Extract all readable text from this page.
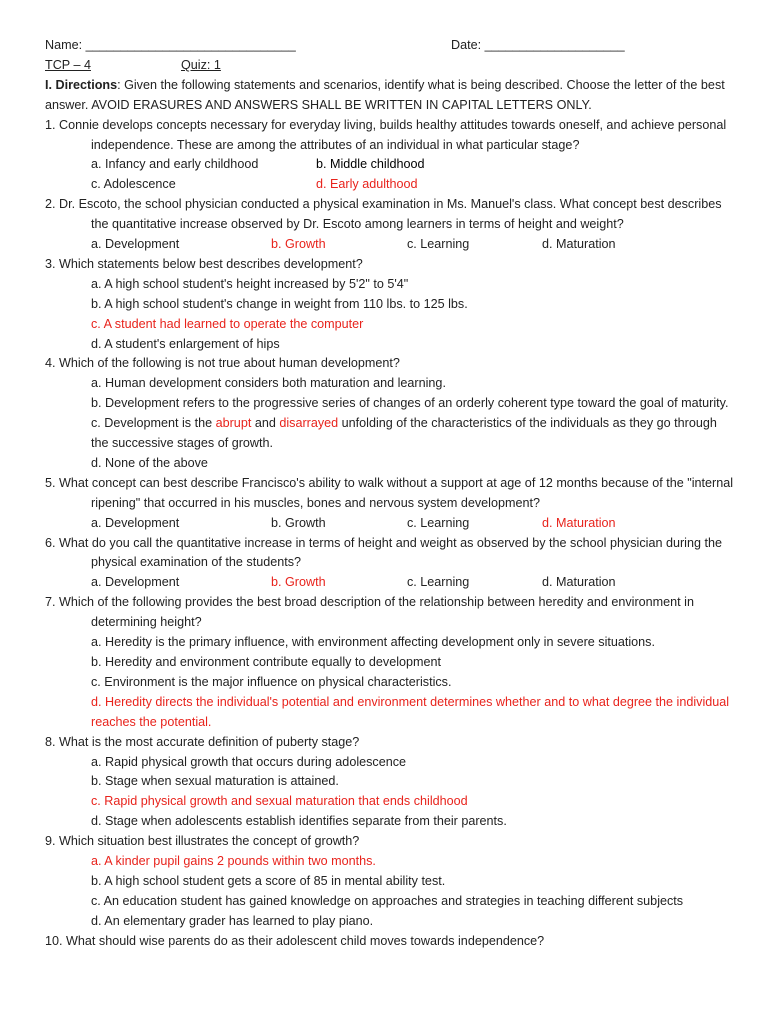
Name: ______________________________	Date: ____________________
TCP – 4	Quiz: 1
I. Directions: Given the following statements and scenarios, identify what is being described. Choose the letter of the best answer. AVOID ERASURES AND ANSWERS SHALL BE WRITTEN IN CAPITAL LETTERS ONLY.
1. Connie develops concepts necessary for everyday living, builds healthy attitudes towards oneself, and achieve personal independence. These are among the attributes of an individual in what particular stage?
a. Infancy and early childhood	b. Middle childhood
c. Adolescence	d. Early adulthood
2. Dr. Escoto, the school physician conducted a physical examination in Ms. Manuel's class. What concept best describes the quantitative increase observed by Dr. Escoto among learners in terms of height and weight?
a. Development	b. Growth	c. Learning	d. Maturation
3. Which statements below best describes development?
a. A high school student's height increased by 5'2" to 5'4"
b. A high school student's change in weight from 110 lbs. to 125 lbs.
c. A student had learned to operate the computer
d. A student's enlargement of hips
4. Which of the following is not true about human development?
a. Human development considers both maturation and learning.
b. Development refers to the progressive series of changes of an orderly coherent type toward the goal of maturity.
c. Development is the abrupt and disarrayed unfolding of the characteristics of the individuals as they go through the successive stages of growth.
d. None of the above
5. What concept can best describe Francisco's ability to walk without a support at age of 12 months because of the "internal ripening" that occurred in his muscles, bones and nervous system development?
a. Development	b. Growth	c. Learning	d. Maturation
6. What do you call the quantitative increase in terms of height and weight as observed by the school physician during the physical examination of the students?
a. Development	b. Growth	c. Learning	d. Maturation
7. Which of the following provides the best broad description of the relationship between heredity and environment in determining height?
a. Heredity is the primary influence, with environment affecting development only in severe situations.
b. Heredity and environment contribute equally to development
c. Environment is the major influence on physical characteristics.
d. Heredity directs the individual's potential and environment determines whether and to what degree the individual reaches the potential.
8. What is the most accurate definition of puberty stage?
a. Rapid physical growth that occurs during adolescence
b. Stage when sexual maturation is attained.
c. Rapid physical growth and sexual maturation that ends childhood
d. Stage when adolescents establish identifies separate from their parents.
9. Which situation best illustrates the concept of growth?
a. A kinder pupil gains 2 pounds within two months.
b. A high school student gets a score of 85 in mental ability test.
c. An education student has gained knowledge on approaches and strategies in teaching different subjects
d. An elementary grader has learned to play piano.
10. What should wise parents do as their adolescent child moves towards independence?
